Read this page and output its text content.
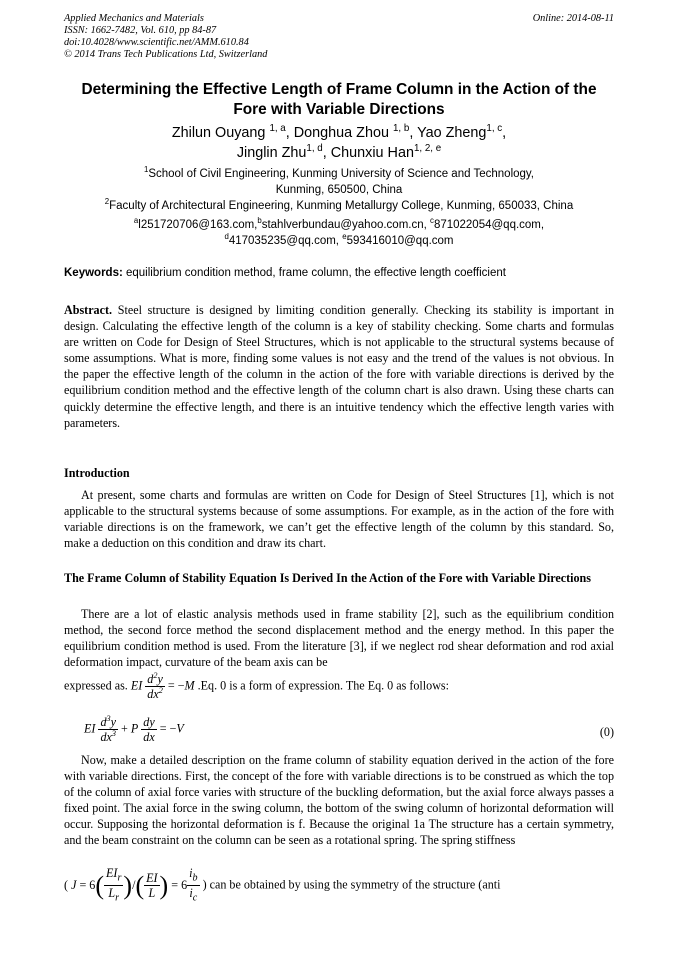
Applied Mechanics and Materials
ISSN: 1662-7482, Vol. 610, pp 84-87
doi:10.4028/www.scientific.net/AMM.610.84
© 2014 Trans Tech Publications Ltd, Switzerland
Online: 2014-08-11
Determining the Effective Length of Frame Column in the Action of the Fore with Variable Directions
Zhilun Ouyang $^{1, a}$, Donghua Zhou $^{1, b}$, Yao Zheng$^{1, c}$,
Jinglin Zhu$^{1, d}$, Chunxiu Han$^{1, 2, e}$
$^1$School of Civil Engineering, Kunming University of Science and Technology,
Kunming, 650500, China
$^2$Faculty of Architectural Engineering, Kunming Metallurgy College, Kunming, 650033, China
$^a$l251720706@163.com,$^b$stahlverbundau@yahoo.com.cn, $^c$871022054@qq.com,
$^d$417035235@qq.com, $^e$593416010@qq.com
Keywords: equilibrium condition method, frame column, the effective length coefficient
Abstract. Steel structure is designed by limiting condition generally. Checking its stability is important in design. Calculating the effective length of the column is a key of stability checking. Some charts and formulas are written on Code for Design of Steel Structures, which is not applicable to the structural systems because of some assumptions. What is more, finding some values is not easy and the trend of the values is not obvious. In the paper the effective length of the column in the action of the fore with variable directions is derived by the equilibrium condition method and the effective length of the column chart is also drawn. Using these charts can quickly determine the effective length, and there is an intuitive tendency which the effective length varies with parameters.
Introduction
At present, some charts and formulas are written on Code for Design of Steel Structures [1], which is not applicable to the structural systems because of some assumptions. For example, as in the action of the fore with variable directions is on the framework, we can’t get the effective length of the column by this standard. So, make a deduction on this condition and draw its chart.
The Frame Column of Stability Equation Is Derived In the Action of the Fore with Variable Directions
There are a lot of elastic analysis methods used in frame stability [2], such as the equilibrium condition method, the second force method the second displacement method and the energy method. In this paper the equilibrium condition method is used. From the literature [3], if we neglect rod shear deformation and rod axial deformation impact, curvature of the beam axis can be
expressed as. EI $\frac{d^2y}{dx^2} = -M$ .Eq. 0 is a form of expression. The Eq. 0 as follows:
EI $\frac{d^3y}{dx^3} + P \frac{dy}{dx} = -V$	(0)
Now, make a detailed description on the frame column of stability equation derived in the action of the fore with variable directions. First, the concept of the fore with variable directions is to be construed as which the top of the column of axial force varies with structure of the buckling deformation, but the axial force always passes a fixed point. The axial force in the swing column, the bottom of the swing column of horizontal deformation will occur. Supposing the horizontal deformation is f. Because the original 1a The structure has a certain symmetry, and the beam constraint on the column can be seen as a rotational spring. The spring stiffness
( $J = 6( \frac{EI_r}{L_r}$ )/( $\frac{EI}{L}$ ) = $6 \frac{i_b}{i_c}$ ) can be obtained by using the symmetry of the structure (anti
